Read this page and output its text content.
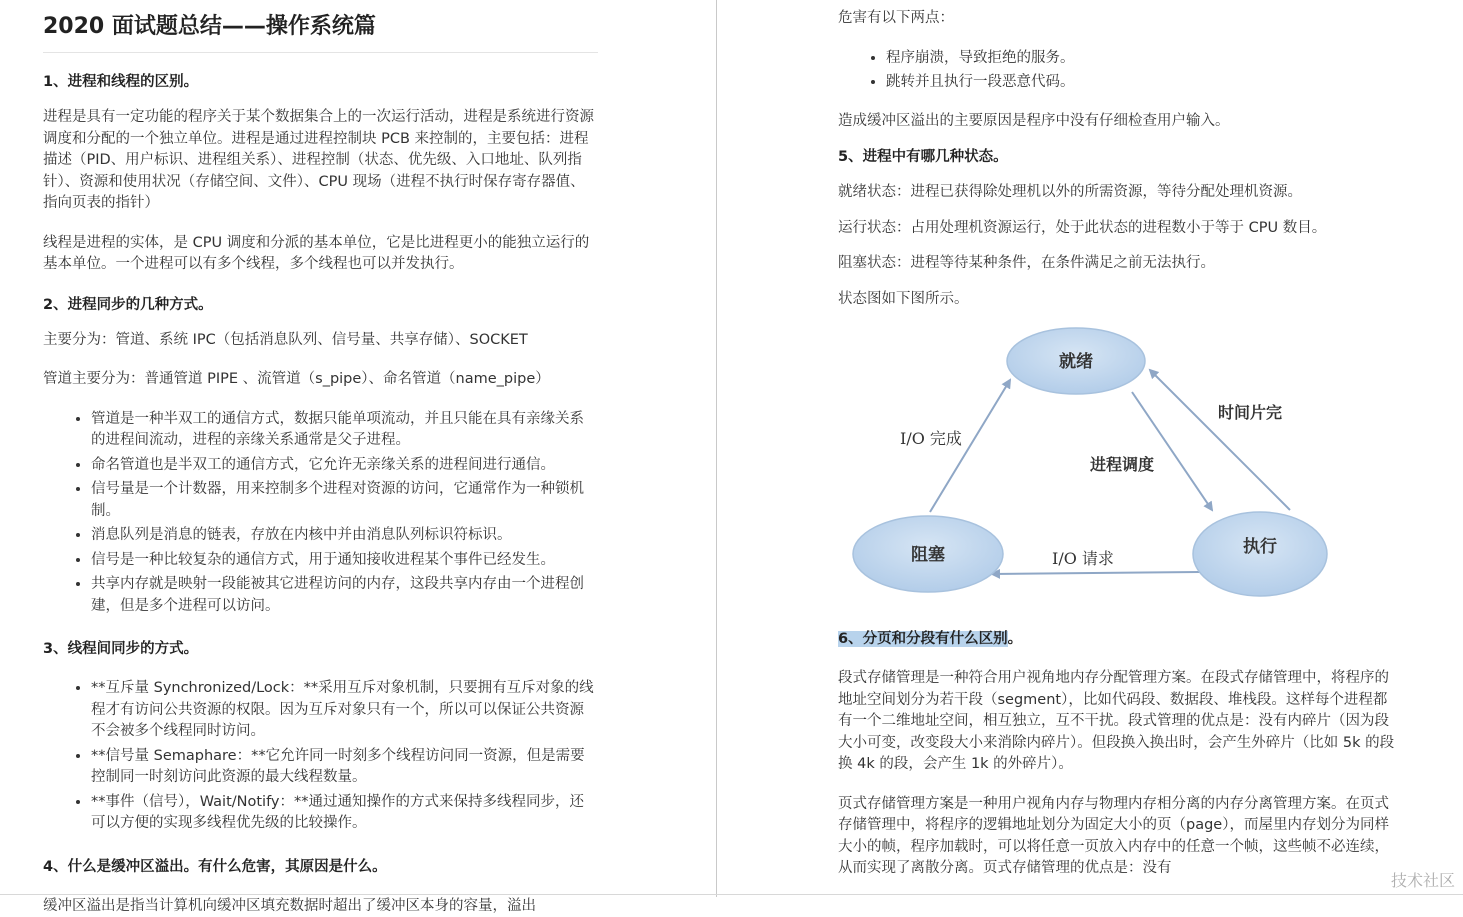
2020 面试题总结——操作系统篇
1、进程和线程的区别。

进程是具有一定功能的程序关于某个数据集合上的一次运行活动，进程是系统进行资源调度和分配的一个独立单位。进程是通过进程控制块 PCB 来控制的，主要包括：进程描述（PID、用户标识、进程组关系）、进程控制（状态、优先级、入口地址、队列指针）、资源和使用状况（存储空间、文件）、CPU 现场（进程不执行时保存寄存器值、指向页表的指针）

线程是进程的实体，是 CPU 调度和分派的基本单位，它是比进程更小的能独立运行的基本单位。一个进程可以有多个线程，多个线程也可以并发执行。

2、进程同步的几种方式。

主要分为：管道、系统 IPC（包括消息队列、信号量、共享存储）、SOCKET

管道主要分为：普通管道 PIPE 、流管道（s_pipe）、命名管道（name_pipe）

• 管道是一种半双工的通信方式，数据只能单项流动，并且只能在具有亲缘关系的进程间流动，进程的亲缘关系通常是父子进程。
• 命名管道也是半双工的通信方式，它允许无亲缘关系的进程间进行通信。
• 信号量是一个计数器，用来控制多个进程对资源的访问，它通常作为一种锁机制。
• 消息队列是消息的链表，存放在内核中并由消息队列标识符标识。
• 信号是一种比较复杂的通信方式，用于通知接收进程某个事件已经发生。
• 共享内存就是映射一段能被其它进程访问的内存，这段共享内存由一个进程创建，但是多个进程可以访问。
3、线程间同步的方式。
• **互斥量 Synchronized/Lock：**采用互斥对象机制，只要拥有互斥对象的线程才有访问公共资源的权限。因为互斥对象只有一个，所以可以保证公共资源不会被多个线程同时访问。
• **信号量 Semaphare：**它允许同一时刻多个线程访问同一资源，但是需要控制同一时刻访问此资源的最大线程数量。
• **事件（信号），Wait/Notify：**通过通知操作的方式来保持多线程同步，还可以方便的实现多线程优先级的比较操作。
4、什么是缓冲区溢出。有什么危害，其原因是什么。

缓冲区溢出是指当计算机向缓冲区填充数据时超出了缓冲区本身的容量，溢出

危害有以下两点：

• 程序崩溃，导致拒绝的服务。
• 跳转并且执行一段恶意代码。

造成缓冲区溢出的主要原因是程序中没有仔细检查用户输入。

5、进程中有哪几种状态。

就绪状态：进程已获得除处理机以外的所需资源，等待分配处理机资源。

运行状态：占用处理机资源运行，处于此状态的进程数小于等于 CPU 数目。

阻塞状态：进程等待某种条件，在条件满足之前无法执行。

状态图如下图所示。

就绪
阻塞	执行
I/O 完成
时间片完
进程调度
I/O 请求
6、分页和分段有什么区别。

段式存储管理是一种符合用户视角地内存分配管理方案。在段式存储管理中，将程序的地址空间划分为若干段（segment），比如代码段、数据段、堆栈段。这样每个进程都有一个二维地址空间，相互独立，互不干扰。段式管理的优点是：没有内碎片（因为段大小可变，改变段大小来消除内碎片）。但段换入换出时，会产生外碎片（比如 5k 的段换 4k 的段，会产生 1k 的外碎片）。

页式存储管理方案是一种用户视角内存与物理内存相分离的内存分离管理方案。在页式存储管理中，将程序的逻辑地址划分为固定大小的页（page），而屋里内存划分为同样大小的帧，程序加载时，可以将任意一页放入内存中的任意一个帧，这些帧不必连续，从而实现了离散分离。页式存储管理的优点是：没有

技术社区
